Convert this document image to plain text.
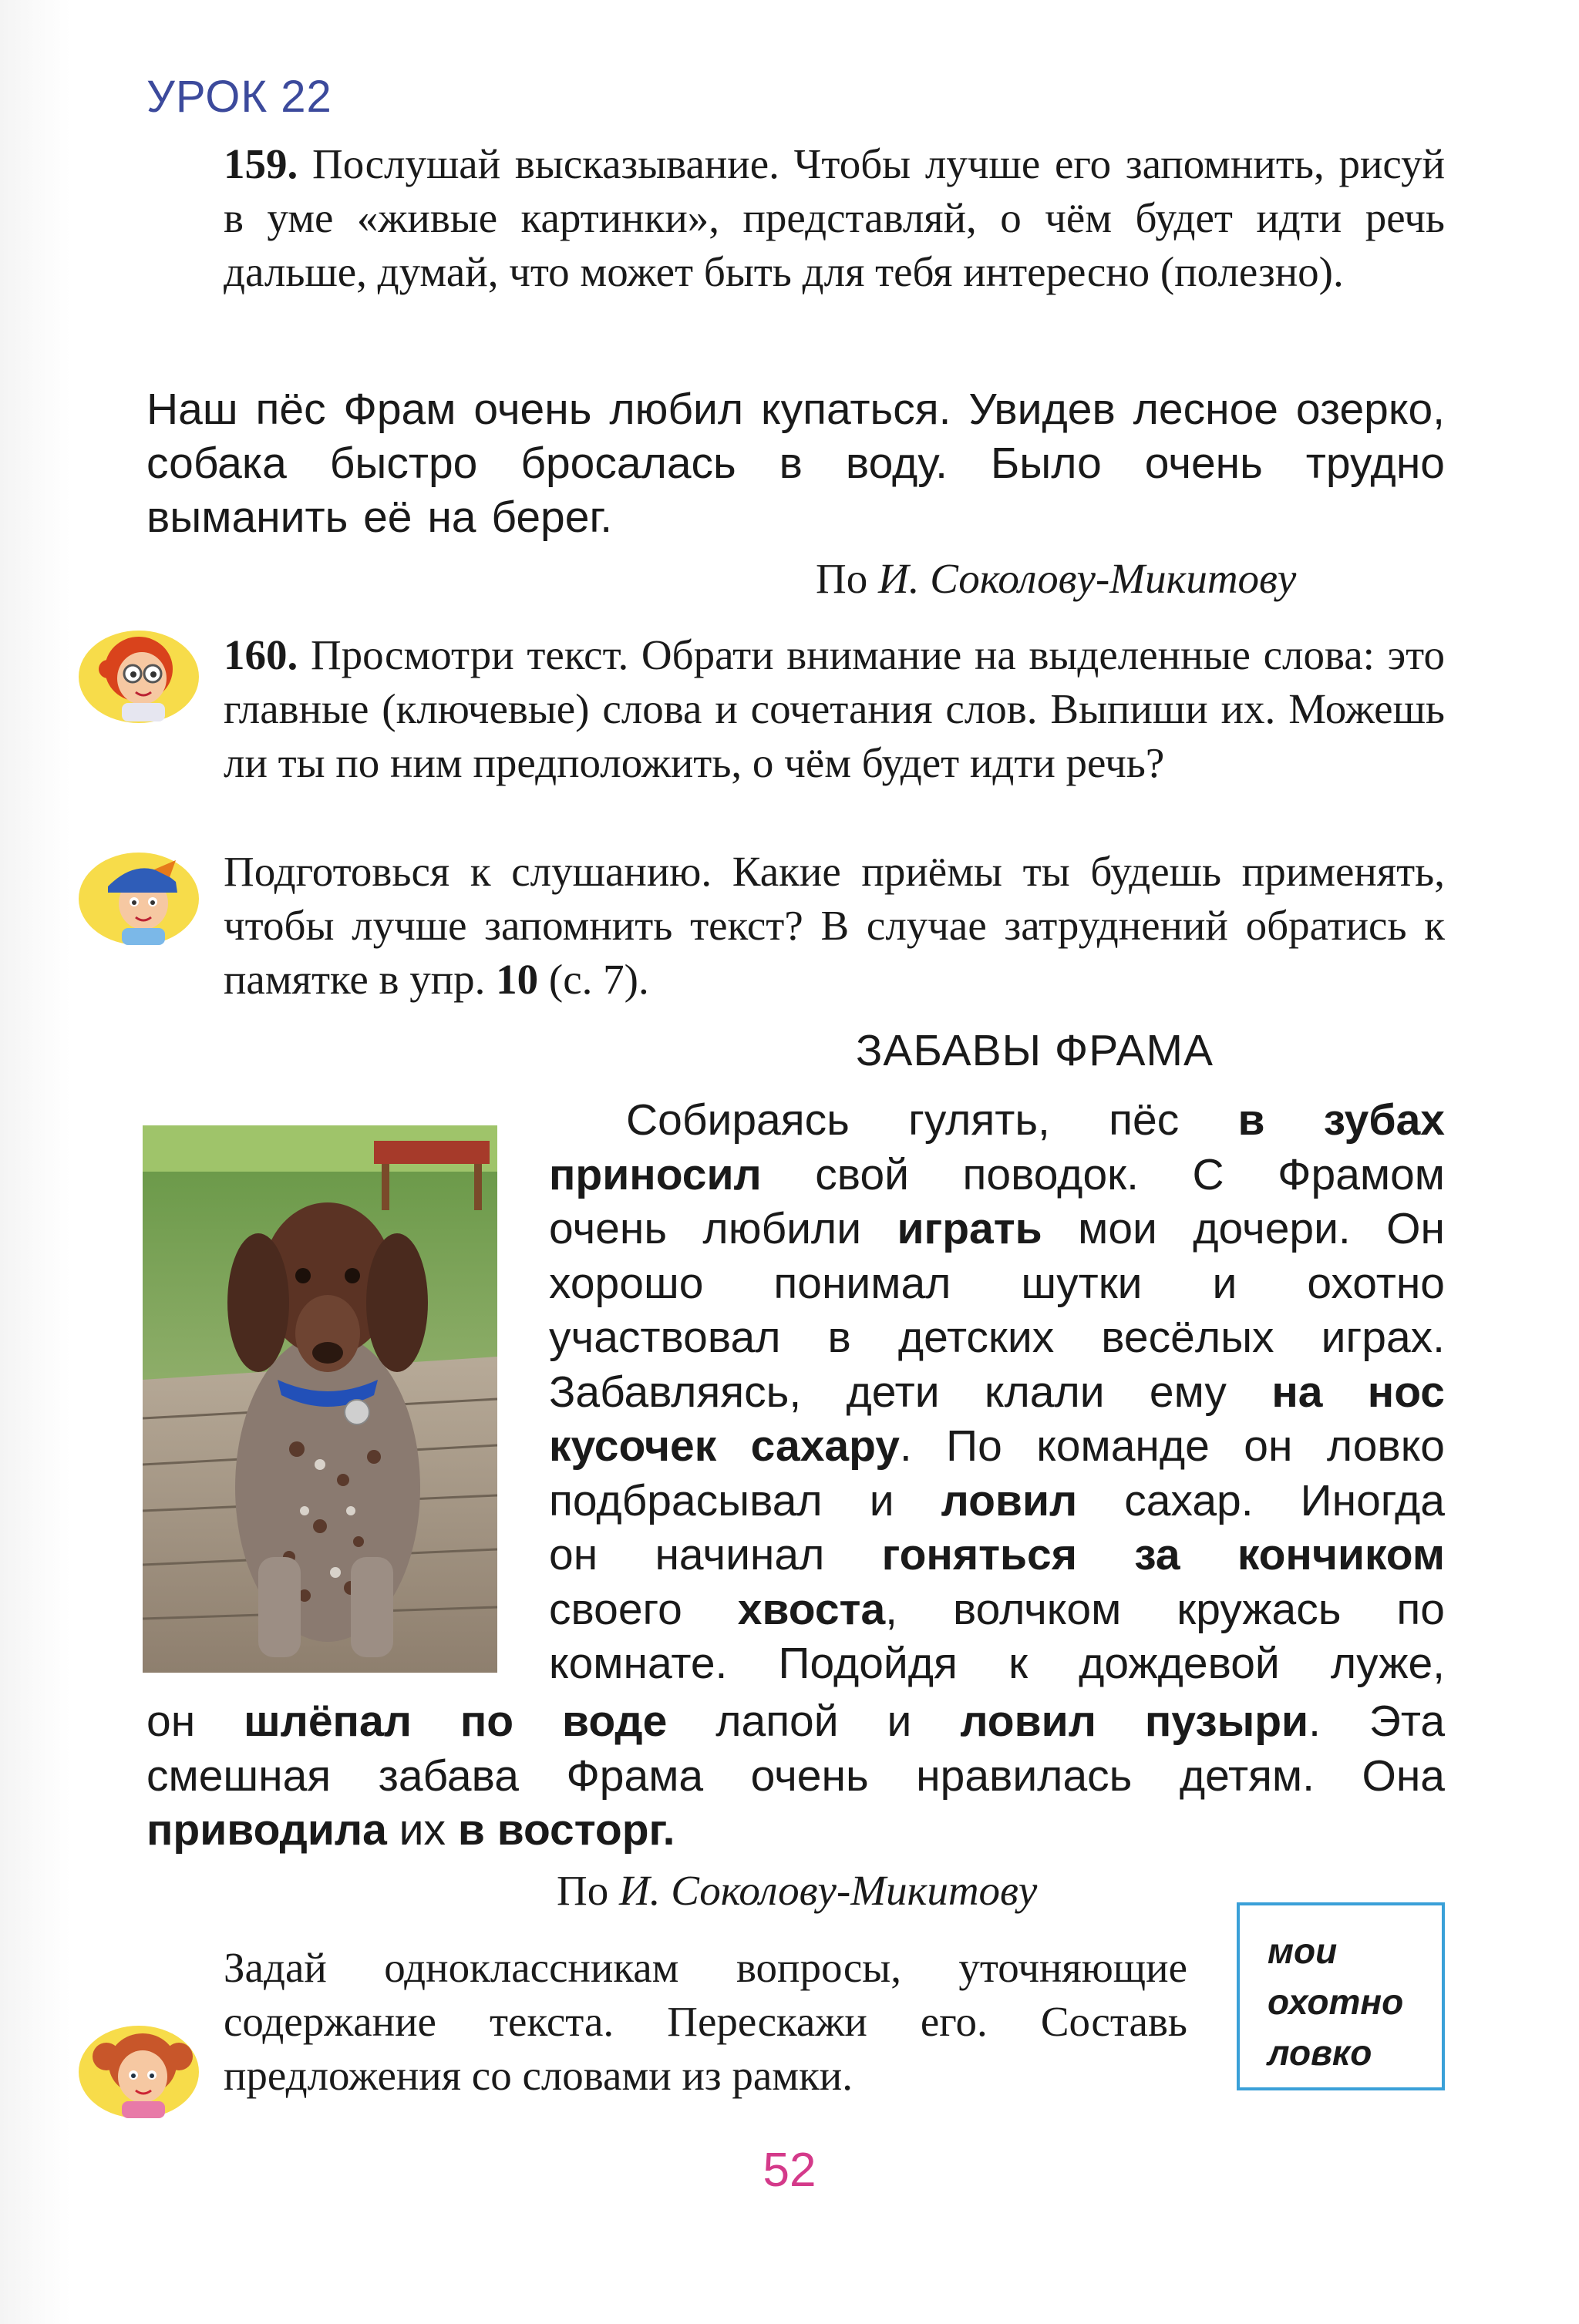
УРОК 22
159. Послушай высказывание. Чтобы лучше его запомнить, рисуй в уме «живые картинки», представляй, о чём будет идти речь дальше, думай, что может быть для тебя интересно (полезно).
Наш пёс Фрам очень любил купаться. Увидев лесное озерко, собака быстро бросалась в воду. Было очень трудно выманить её на берег.
По И. Соколову-Микитову
160. Просмотри текст. Обрати внимание на выделенные слова: это главные (ключевые) слова и сочетания слов. Выпиши их. Можешь ли ты по ним предположить, о чём будет идти речь?
Подготовься к слушанию. Какие приёмы ты будешь применять, чтобы лучше запомнить текст? В случае затруднений обратись к памятке в упр. 10 (с. 7).
ЗАБАВЫ ФРАМА
Собираясь гулять, пёс в зубах
приносил свой поводок. С Фрамом
очень любили играть мои дочери. Он
хорошо понимал шутки и охотно
участвовал в детских весёлых играх.
Забавляясь, дети клали ему на нос
кусочек сахару. По команде он ловко
подбрасывал и ловил сахар. Иногда
он начинал гоняться за кончиком
своего хвоста, волчком кружась по
комнате. Подойдя к дождевой луже,
он шлёпал по воде лапой и ловил пузыри. Эта
смешная забава Фрама очень нравилась детям. Она
приводила их в восторг.
По И. Соколову-Микитову
Задай одноклассникам вопросы, уточняющие содержание текста. Перескажи его. Составь предложения со словами из рамки.
мои
охотно
ловко
52
